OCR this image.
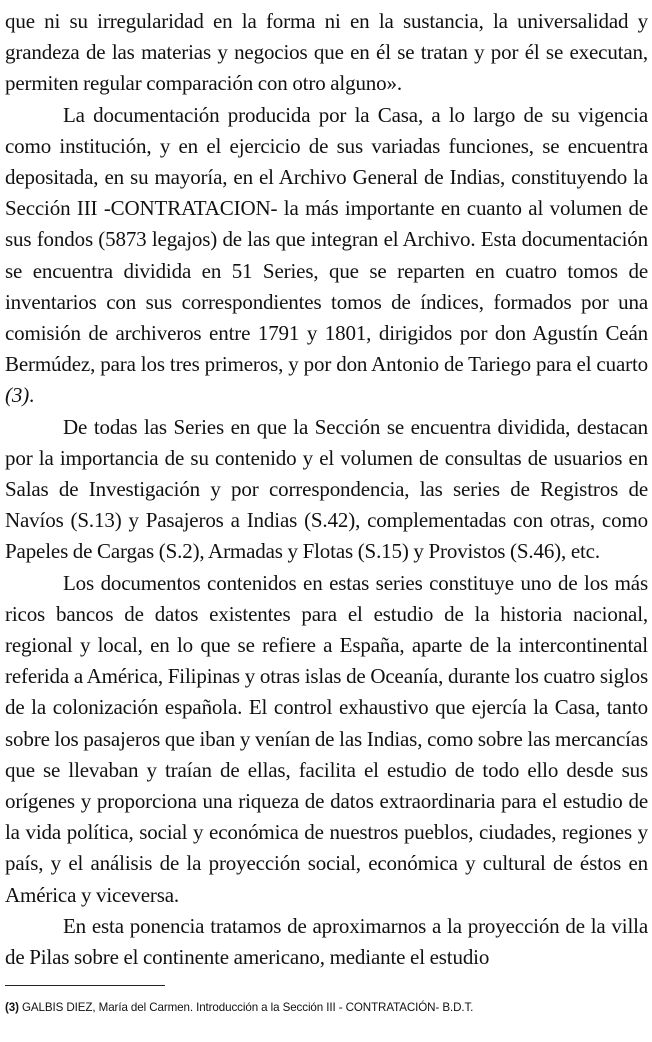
que ni su irregularidad en la forma ni en la sustancia, la universalidad y grandeza de las materias y negocios que en él se tratan y por él se executan, permiten regular comparación con otro alguno».

La documentación producida por la Casa, a lo largo de su vigencia como institución, y en el ejercicio de sus variadas funciones, se encuentra depositada, en su mayoría, en el Archivo General de Indias, constituyendo la Sección III -CONTRATACION- la más importante en cuanto al volumen de sus fondos (5873 legajos) de las que integran el Archivo. Esta documentación se encuentra dividida en 51 Series, que se reparten en cuatro tomos de inventarios con sus correspondientes tomos de índices, formados por una comisión de archiveros entre 1791 y 1801, dirigidos por don Agustín Ceán Bermúdez, para los tres primeros, y por don Antonio de Tariego para el cuarto (3).

De todas las Series en que la Sección se encuentra dividida, destacan por la importancia de su contenido y el volumen de consultas de usuarios en Salas de Investigación y por correspondencia, las series de Registros de Navíos (S.13) y Pasajeros a Indias (S.42), complementadas con otras, como Papeles de Cargas (S.2), Armadas y Flotas (S.15) y Provistos (S.46), etc.

Los documentos contenidos en estas series constituye uno de los más ricos bancos de datos existentes para el estudio de la historia nacional, regional y local, en lo que se refiere a España, aparte de la intercontinental referida a América, Filipinas y otras islas de Oceanía, durante los cuatro siglos de la colonización española. El control exhaustivo que ejercía la Casa, tanto sobre los pasajeros que iban y venían de las Indias, como sobre las mercancías que se llevaban y traían de ellas, facilita el estudio de todo ello desde sus orígenes y proporciona una riqueza de datos extraordinaria para el estudio de la vida política, social y económica de nuestros pueblos, ciudades, regiones y país, y el análisis de la proyección social, económica y cultural de éstos en América y viceversa.

En esta ponencia tratamos de aproximarnos a la proyección de la villa de Pilas sobre el continente americano, mediante el estudio

(3) GALBIS DIEZ, María del Carmen. Introducción a la Sección III - CONTRATACIÓN- B.D.T.
